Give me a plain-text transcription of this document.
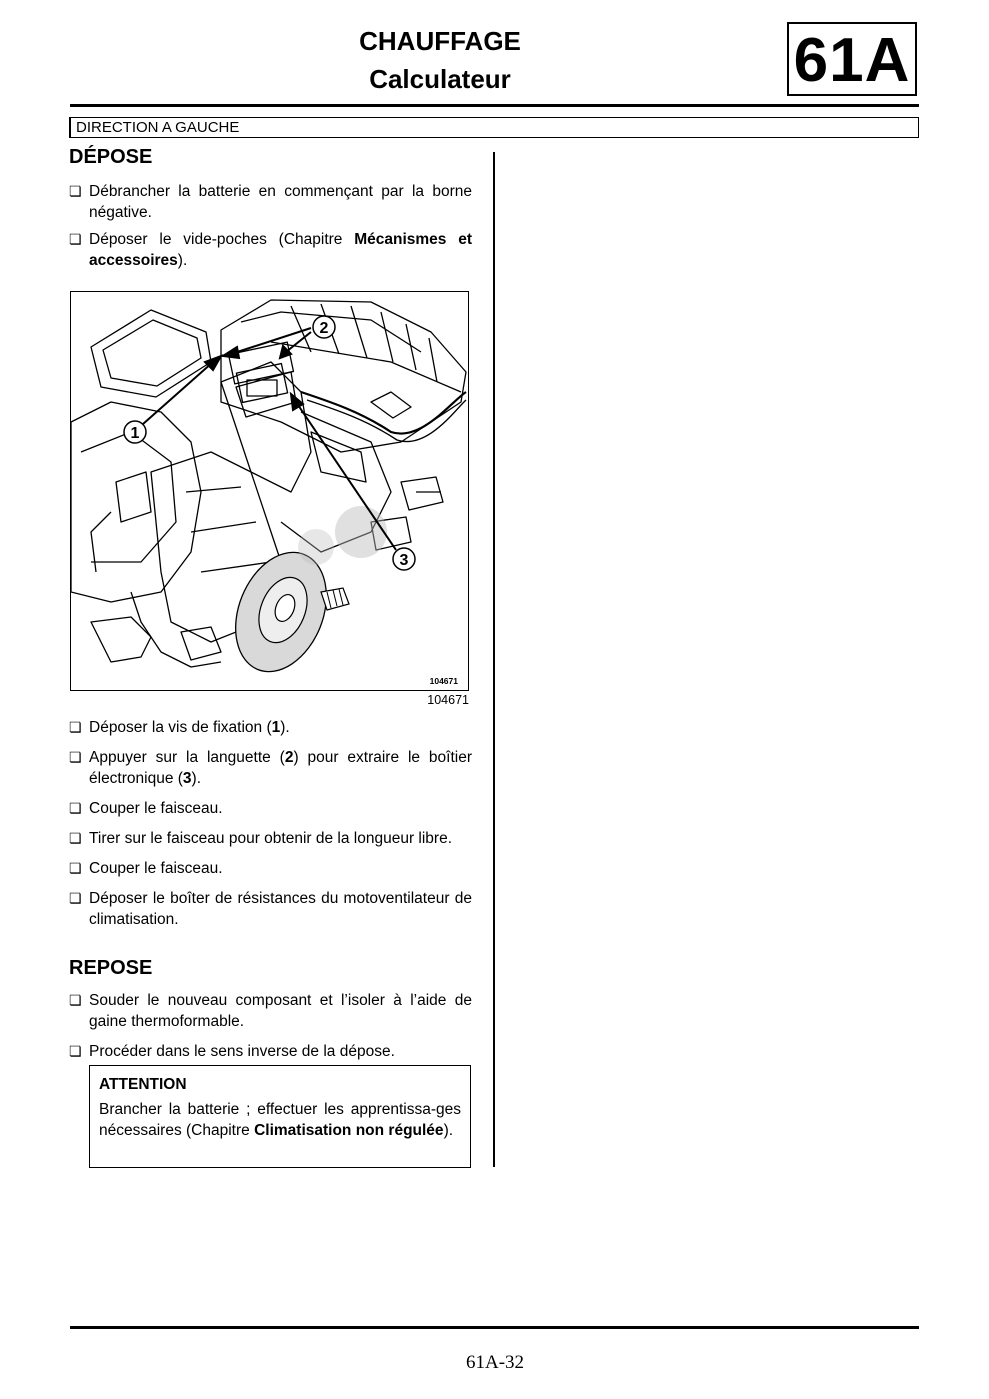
CHAUFFAGE
Calculateur	61A
DIRECTION A GAUCHE
DÉPOSE
❏ Débrancher la batterie en commençant par la borne négative.
❏ Déposer le vide-poches (Chapitre Mécanismes et accessoires).
1
2
3
104671
104671
❏ Déposer la vis de fixation (1).
❏ Appuyer sur la languette (2) pour extraire le boîtier électronique (3).
❏ Couper le faisceau.
❏ Tirer sur le faisceau pour obtenir de la longueur libre.
❏ Couper le faisceau.
❏ Déposer le boîter de résistances du motoventilateur de climatisation.
REPOSE
❏ Souder le nouveau composant et l’isoler à l’aide de gaine thermoformable.
❏ Procéder dans le sens inverse de la dépose.
ATTENTION
Brancher la batterie ; effectuer les apprentissa-ges nécessaires (Chapitre Climatisation non régulée).
61A-32
